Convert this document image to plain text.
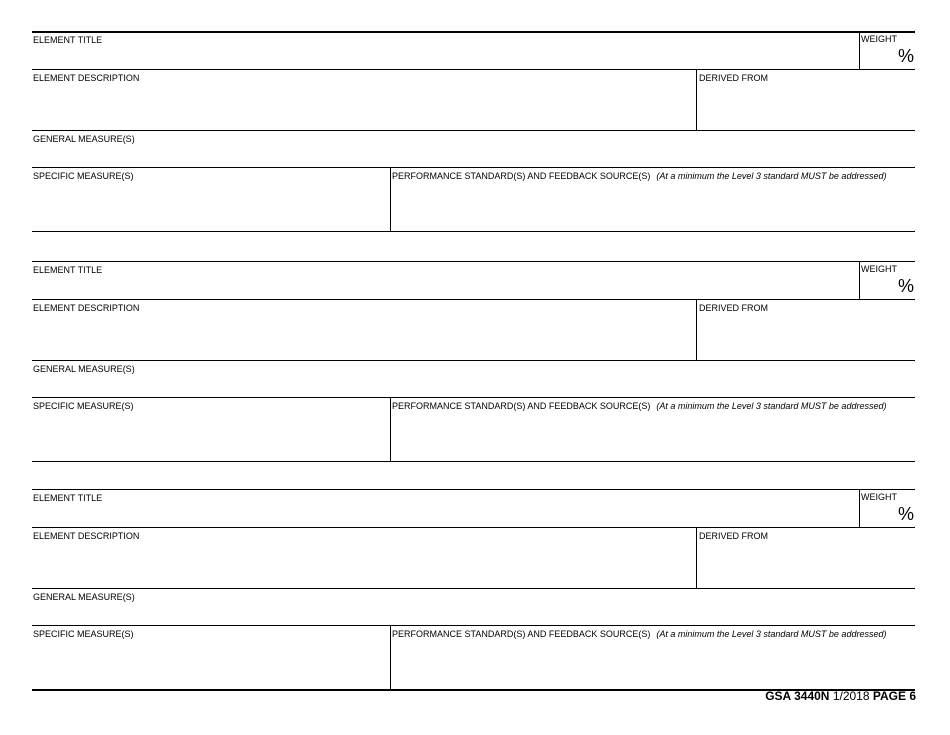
ELEMENT TITLE	WEIGHT
%
ELEMENT DESCRIPTION	DERIVED FROM
GENERAL MEASURE(S)
SPECIFIC MEASURE(S)	PERFORMANCE STANDARD(S) AND FEEDBACK SOURCE(S) (At a minimum the Level 3 standard MUST be addressed)
ELEMENT TITLE	WEIGHT
%
ELEMENT DESCRIPTION	DERIVED FROM
GENERAL MEASURE(S)
SPECIFIC MEASURE(S)	PERFORMANCE STANDARD(S) AND FEEDBACK SOURCE(S) (At a minimum the Level 3 standard MUST be addressed)
ELEMENT TITLE	WEIGHT
%
ELEMENT DESCRIPTION	DERIVED FROM
GENERAL MEASURE(S)
SPECIFIC MEASURE(S)	PERFORMANCE STANDARD(S) AND FEEDBACK SOURCE(S) (At a minimum the Level 3 standard MUST be addressed)
GSA 3440N 1/2018 PAGE 6
